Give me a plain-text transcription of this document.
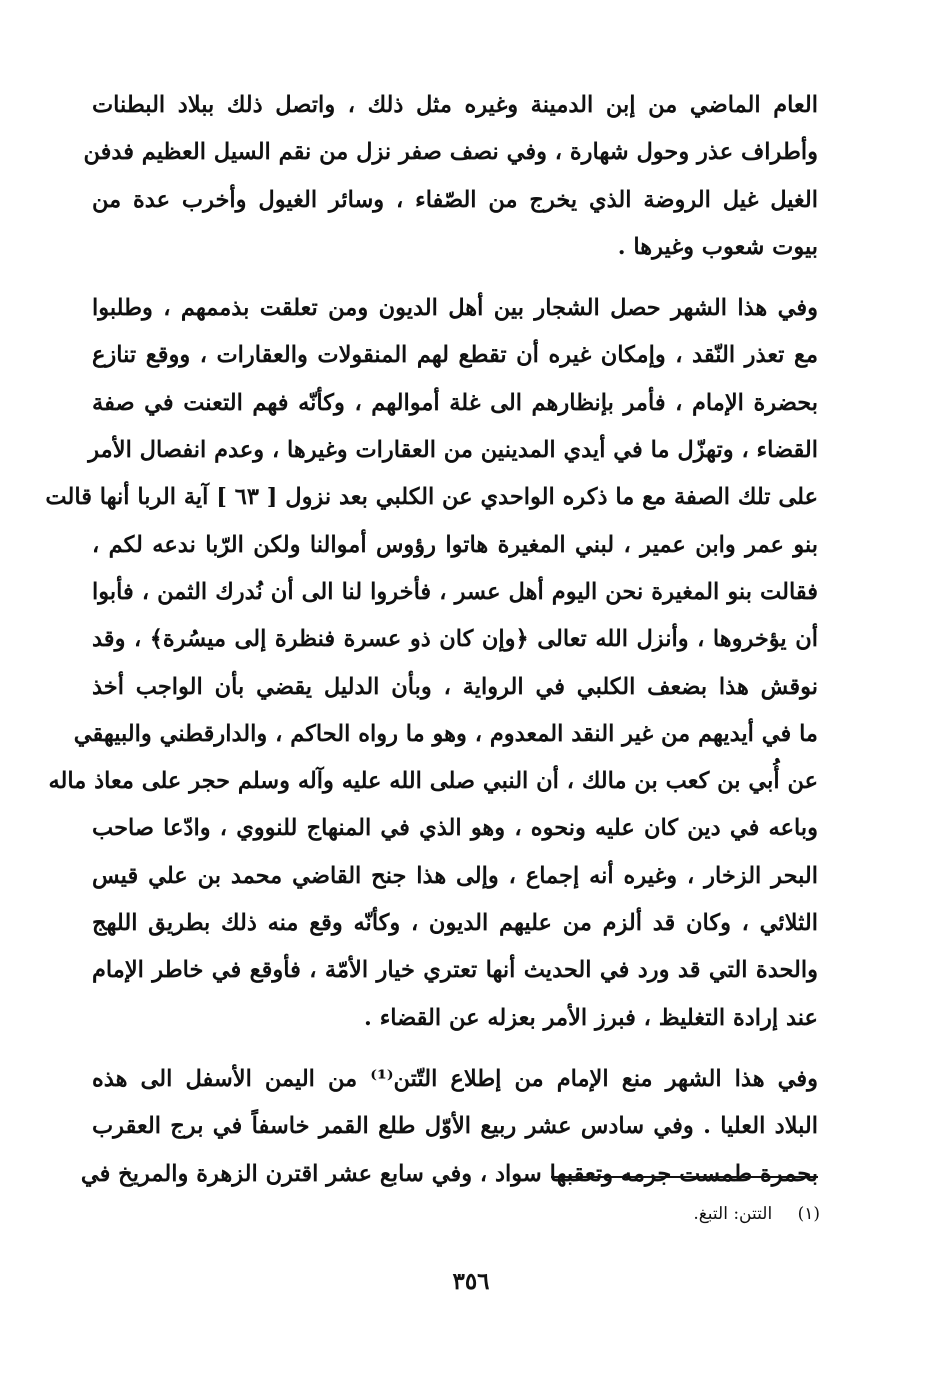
العام الماضي من إبن الدمينة وغيره مثل ذلك ، واتصل ذلك ببلاد البطنات
وأطراف عذر وحول شهارة ، وفي نصف صفر نزل من نقم السيل العظيم فدفن
الغيل غيل الروضة الذي يخرج من الصّفاء ، وسائر الغيول وأخرب عدة من
بيوت شعوب وغيرها .
وفي هذا الشهر حصل الشجار بين أهل الديون ومن تعلقت بذممهم ، وطلبوا
مع تعذر النّقد ، وإمكان غيره أن تقطع لهم المنقولات والعقارات ، ووقع تنازع
بحضرة الإمام ، فأمر بإنظارهم الى غلة أموالهم ، وكأنّه فهم التعنت في صفة
القضاء ، وتهزّل ما في أيدي المدينين من العقارات وغيرها ، وعدم انفصال الأمر
على تلك الصفة مع ما ذكره الواحدي عن الكلبي بعد نزول [ ٦٣ ] آية الربا أنها قالت
بنو عمر وابن عمير ، لبني المغيرة هاتوا رؤوس أموالنا ولكن الرّبا ندعه لكم ،
فقالت بنو المغيرة نحن اليوم أهل عسر ، فأخروا لنا الى أن نُدرك الثمن ، فأبوا
أن يؤخروها ، وأنزل الله تعالى ﴿وإن كان ذو عسرة فنظرة إلى ميسُرة﴾ ، وقد
نوقش هذا بضعف الكلبي في الرواية ، وبأن الدليل يقضي بأن الواجب أخذ
ما في أيديهم من غير النقد المعدوم ، وهو ما رواه الحاكم ، والدارقطني والبيهقي
عن أُبي بن كعب بن مالك ، أن النبي صلى الله عليه وآله وسلم حجر على معاذ ماله
وباعه في دين كان عليه ونحوه ، وهو الذي في المنهاج للنووي ، وادّعا صاحب
البحر الزخار ، وغيره أنه إجماع ، وإلى هذا جنح القاضي محمد بن علي قيس
الثلائي ، وكان قد ألزم من عليهم الديون ، وكأنّه وقع منه ذلك بطريق اللهج
والحدة التي قد ورد في الحديث أنها تعتري خيار الأمّة ، فأوقع في خاطر الإمام
عند إرادة التغليظ ، فبرز الأمر بعزله عن القضاء .
وفي هذا الشهر منع الإمام من إطلاع التّتن⁽¹⁾ من اليمن الأسفل الى هذه
البلاد العليا . وفي سادس عشر ربيع الأوّل طلع القمر خاسفاً في برج العقرب
بحمرة طمست جرمه وتعقبها سواد ، وفي سابع عشر اقترن الزهرة والمريخ في
(١) التتن: التبغ.
٣٥٦
